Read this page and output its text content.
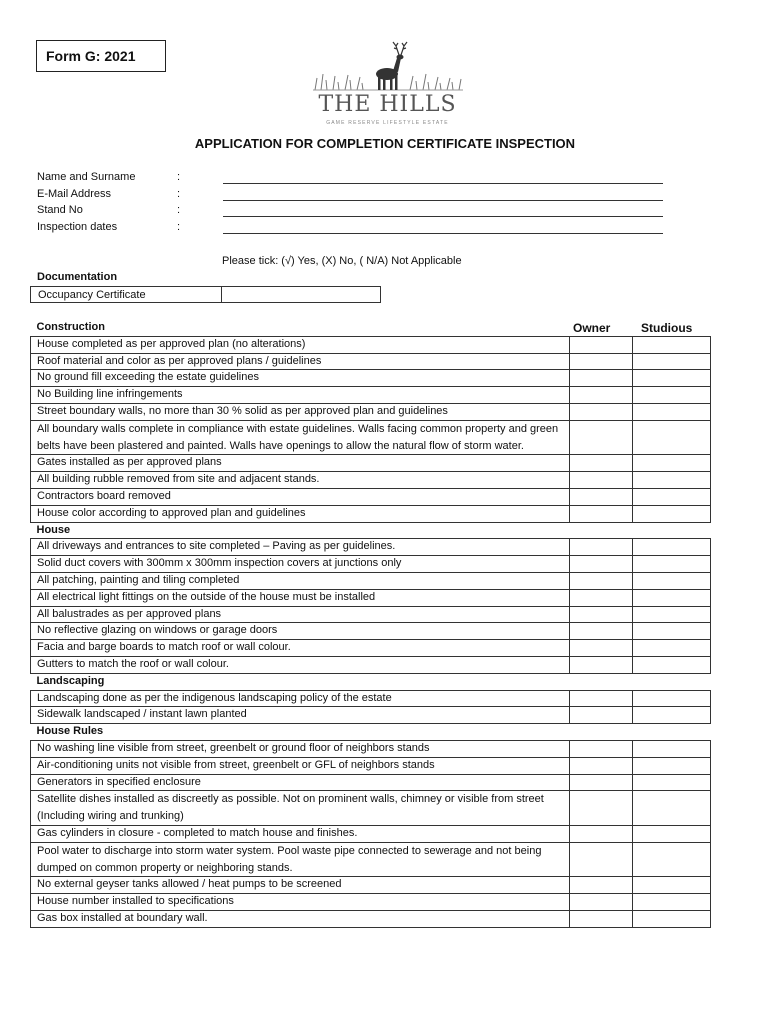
Form G: 2021
THE HILLS
GAME RESERVE LIFESTYLE ESTATE
APPLICATION FOR COMPLETION CERTIFICATE INSPECTION
Name and Surname	:
E-Mail Address	:
Stand No	:
Inspection dates	:
Please tick: (√) Yes, (X) No, ( N/A) Not Applicable
Documentation
Occupancy Certificate	
Owner	Studious
Construction		
House completed as per approved plan (no alterations)		
Roof material and color as per approved plans / guidelines		
No ground fill exceeding the estate guidelines		
No Building line infringements		
Street boundary walls, no more than 30 % solid as per approved plan and guidelines		
All boundary walls complete in compliance with estate guidelines. Walls facing common property and green belts have been plastered and painted. Walls have openings to allow the natural flow of storm water.		
Gates installed as per approved plans		
All building rubble removed from site and adjacent stands.		
Contractors board removed		
House color according to approved plan and guidelines		
House		
All driveways and entrances to site completed – Paving as per guidelines.		
Solid duct covers with 300mm x 300mm inspection covers at junctions only		
All patching, painting and tiling completed		
All electrical light fittings on the outside of the house must be installed		
All balustrades as per approved plans		
No reflective glazing on windows or garage doors		
Facia and barge boards to match roof or wall colour.		
Gutters to match the roof or wall colour.		
Landscaping		
Landscaping done as per the indigenous landscaping policy of the estate		
Sidewalk landscaped / instant lawn planted		
House Rules		
No washing line visible from street, greenbelt or ground floor of neighbors stands		
Air-conditioning units not visible from street, greenbelt or GFL of neighbors stands		
Generators in specified enclosure		
Satellite dishes installed as discreetly as possible. Not on prominent walls, chimney or visible from street (Including wiring and trunking)		
Gas cylinders in closure - completed to match house and finishes.		
Pool water to discharge into storm water system. Pool waste pipe connected to sewerage and not being dumped on common property or neighboring stands.		
No external geyser tanks allowed / heat pumps to be screened		
House number installed to specifications		
Gas box installed at boundary wall.		
